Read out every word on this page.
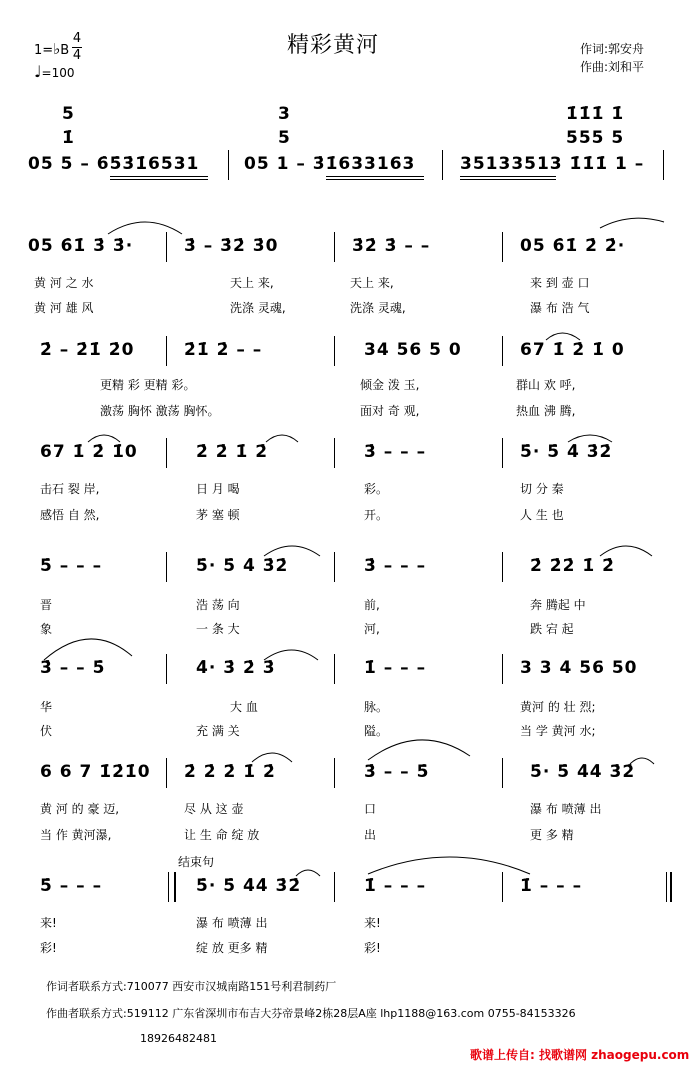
1=♭B
4
4
♩=100
精彩黄河	作词:郭安舟
作曲:刘和平
5	3	1̇1̇1̇ 1̇
1̇	5	555 5
05 5 – 6̇5̇3̇1̇6531	05 1 – 3̇1̇633163	35133513 1̇1̇1̇ 1 –
05 6̇1̇ 3̇ 3̇·	3̇ – 3̇2̇ 3̇0	3̇2̇ 3̇ – –	05 6̇1̇ 2̇ 2̇·
黄 河 之 水	天上 来,	天上 来,	来 到 壶 口
黄 河 雄 风	洗涤 灵魂,	洗涤 灵魂,	瀑 布 浩 气
2̇ – 2̇1̇ 2̇0	2̇1̇ 2̇ – –	34 56 5 0	67 1̇ 2̇ 1̇ 0
更精 彩 更精 彩。	倾金 泼 玉,	群山 欢 呼,
激荡 胸怀 激荡 胸怀。	面对 奇 观,	热血 沸 腾,
67 1̇ 2̇ 1̇0	2̇ 2̇ 1̇ 2̇	3̇ – – –	5̇· 5̇ 4̇ 3̇2̇
击石 裂 岸,	日 月 喝	彩。	切 分 秦
感悟 自 然,	茅 塞 顿	开。	人 生 也
5̇ – – –	5̇· 5̇ 4̇ 3̇2̇	3̇ – – –	2̇ 2̇2̇ 1̇ 2̇
晋	浩 荡 向	前,	奔 腾起 中
象	一 条 大	河,	跌 宕 起
3̇ – – 5̇	4̇· 3̇ 2̇ 3̇	1̇ – – –	3 3 4 56 50
华	大 血	脉。	黄河 的 壮 烈;
伏	充 满 关	隘。	当 学 黄河 水;
6 6 7 1̇2̇1̇0 2̇ 2̇ 2̇ 1̇ 2̇	3̇ – – 5̇	5̇· 5̇ 4̇4̇ 3̇2̇
黄 河 的 豪 迈,	尽 从 这 壶	口	瀑 布 喷薄 出
当 作 黄河瀑,	让 生 命 绽 放	出	更 多 精
结束句
5̇ – – –	5̇· 5̇ 4̇4̇ 3̇2̇	1̇ – – –	1̇ – – –
来!	瀑 布 喷薄 出	来!
彩!	绽 放 更多 精	彩!
作词者联系方式:710077 西安市汉城南路151号利君制药厂
作曲者联系方式:519112 广东省深圳市布吉大芬帝景峰2栋28层A座 lhp1188@163.com 0755-84153326
18926482481
歌谱上传自: 找歌谱网 zhaogepu.com
